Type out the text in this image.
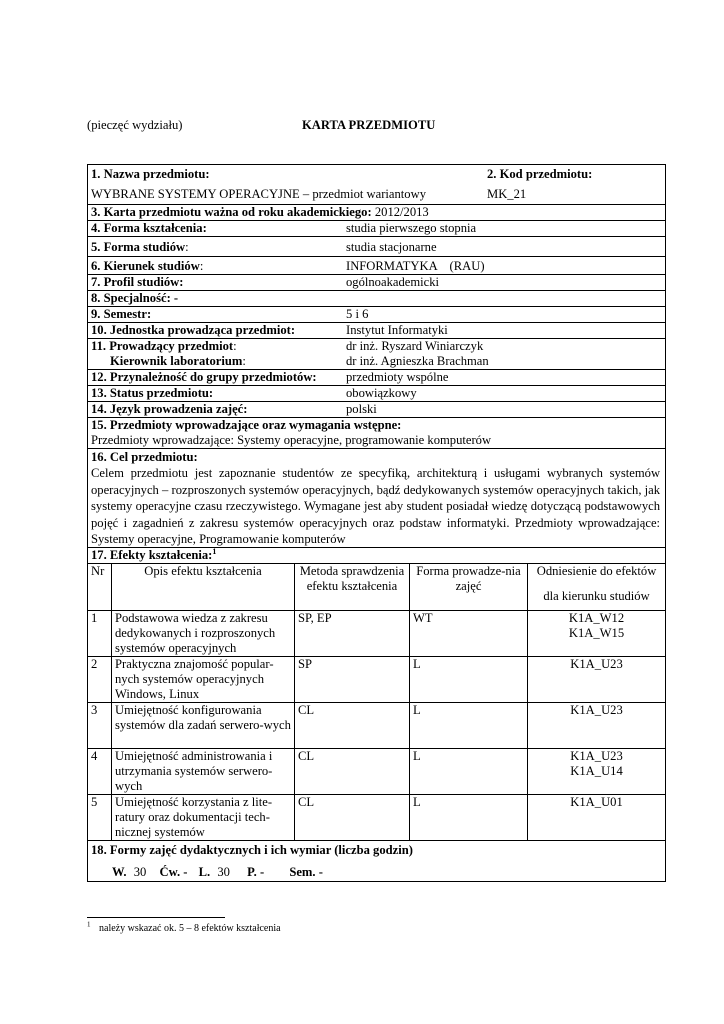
(pieczęć wydziału)	KARTA PRZEDMIOTU
1. Nazwa przedmiotu:
WYBRANE SYSTEMY OPERACYJNE – przedmiot wariantowy
2. Kod przedmiotu:
MK_21				

3. Karta przedmiotu ważna od roku akademickiego: 2012/2013				

4. Forma kształcenia: studia pierwszego stopnia				

5. Forma studiów: studia stacjonarne				

6. Kierunek studiów: INFORMATYKA    (RAU)				

7. Profil studiów: ogólnoakademicki				

8. Specjalność: -				

9. Semestr: 5 i 6				

10. Jednostka prowadząca przedmiot: Instytut Informatyki				

11. Prowadzący przedmiot: dr inż. Ryszard Winiarczyk
Kierownik laboratorium: dr inż. Agnieszka Brachman				

12. Przynależność do grupy przedmiotów: przedmioty wspólne				

13. Status przedmiotu: obowiązkowy				

14. Język prowadzenia zajęć: polski				

15. Przedmioty wprowadzające oraz wymagania wstępne:
Przedmioty wprowadzające: Systemy operacyjne, programowanie komputerów				

16. Cel przedmiotu:
Celem przedmiotu jest zapoznanie studentów ze specyfiką, architekturą i usługami wybranych systemów operacyjnych – rozproszonych systemów operacyjnych, bądź dedykowanych systemów operacyjnych takich, jak systemy operacyjne czasu rzeczywistego. Wymagane jest aby student posiadał wiedzę dotyczącą podstawowych pojęć i zagadnień z zakresu systemów operacyjnych oraz podstaw informatyki. Przedmioty wprowadzające: Systemy operacyjne, Programowanie komputerów				

17. Efekty kształcenia:$^1$
Nr	Opis efektu kształcenia	Metoda sprawdzenia efektu kształcenia	Forma prowadze-nia zajęć	Odniesienie do efektów
dla kierunku studiów

1	Podstawowa wiedza z zakresu dedykowanych i rozproszonych systemów operacyjnych	SP, EP	WT	K1A_W12
K1A_W15

2	Praktyczna znajomość popular-nych systemów operacyjnych Windows, Linux	SP	L	K1A_U23

3	Umiejętność konfigurowania systemów dla zadań serwero-wych	CL	L	K1A_U23

4	Umiejętność administrowania i utrzymania systemów serwero-wych	CL	L	K1A_U23
K1A_U14

5	Umiejętność korzystania z lite-ratury oraz dokumentacji tech-nicznej systemów	CL	L	K1A_U01

18. Formy zajęć dydaktycznych i ich wymiar (liczba godzin)
W. 30 Ćw. - L. 30 P. - Sem. -				
$^1$ należy wskazać ok. 5 – 8 efektów kształcenia
